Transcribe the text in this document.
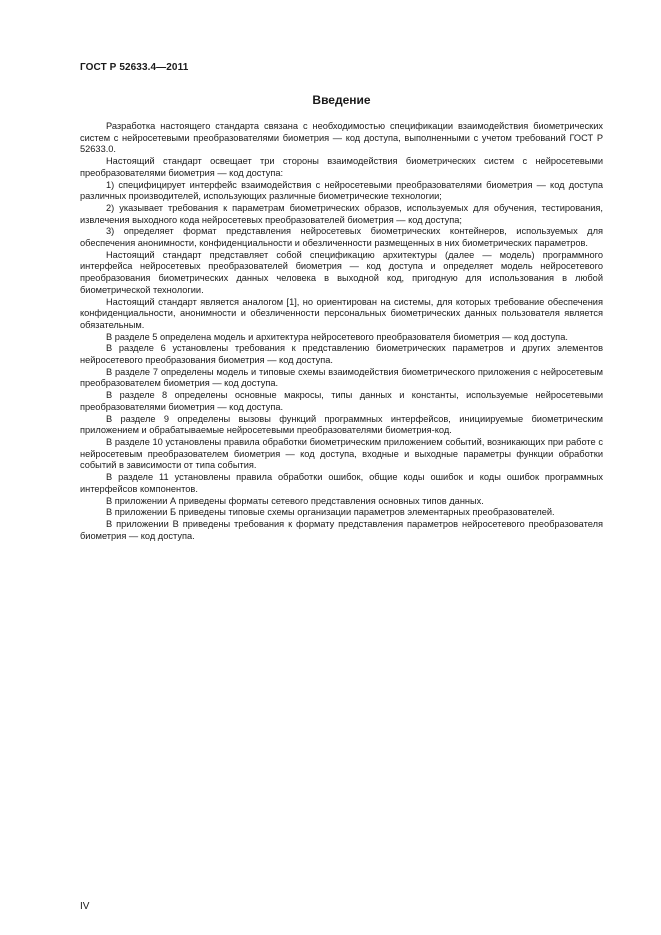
ГОСТ Р 52633.4—2011
Введение

Разработка настоящего стандарта связана с необходимостью спецификации взаимодействия биометрических систем с нейросетевыми преобразователями биометрия — код доступа, выполненными с учетом требований ГОСТ Р 52633.0.

Настоящий стандарт освещает три стороны взаимодействия биометрических систем с нейросетевыми преобразователями биометрия — код доступа:

1) специфицирует интерфейс взаимодействия с нейросетевыми преобразователями биометрия — код доступа различных производителей, использующих различные биометрические технологии;

2) указывает требования к параметрам биометрических образов, используемых для обучения, тестирования, извлечения выходного кода нейросетевых преобразователей биометрия — код доступа;

3) определяет формат представления нейросетевых биометрических контейнеров, используемых для обеспечения анонимности, конфиденциальности и обезличенности размещенных в них биометрических параметров.

Настоящий стандарт представляет собой спецификацию архитектуры (далее — модель) программного интерфейса нейросетевых преобразователей биометрия — код доступа и определяет модель нейросетевого преобразования биометрических данных человека в выходной код, пригодную для использования в любой биометрической технологии.

Настоящий стандарт является аналогом [1], но ориентирован на системы, для которых требование обеспечения конфиденциальности, анонимности и обезличенности персональных биометрических данных пользователя является обязательным.

В разделе 5 определена модель и архитектура нейросетевого преобразователя биометрия — код доступа.

В разделе 6 установлены требования к представлению биометрических параметров и других элементов нейросетевого преобразования биометрия — код доступа.

В разделе 7 определены модель и типовые схемы взаимодействия биометрического приложения с нейросетевым преобразователем биометрия — код доступа.

В разделе 8 определены основные макросы, типы данных и константы, используемые нейросетевыми преобразователями биометрия — код доступа.

В разделе 9 определены вызовы функций программных интерфейсов, инициируемые биометрическим приложением и обрабатываемые нейросетевыми преобразователями биометрия-код.

В разделе 10 установлены правила обработки биометрическим приложением событий, возникающих при работе с нейросетевым преобразователем биометрия — код доступа, входные и выходные параметры функции обработки событий в зависимости от типа события.

В разделе 11 установлены правила обработки ошибок, общие коды ошибок и коды ошибок программных интерфейсов компонентов.

В приложении А приведены форматы сетевого представления основных типов данных.

В приложении Б приведены типовые схемы организации параметров элементарных преобразователей.

В приложении В приведены требования к формату представления параметров нейросетевого преобразователя биометрия — код доступа.

IV
